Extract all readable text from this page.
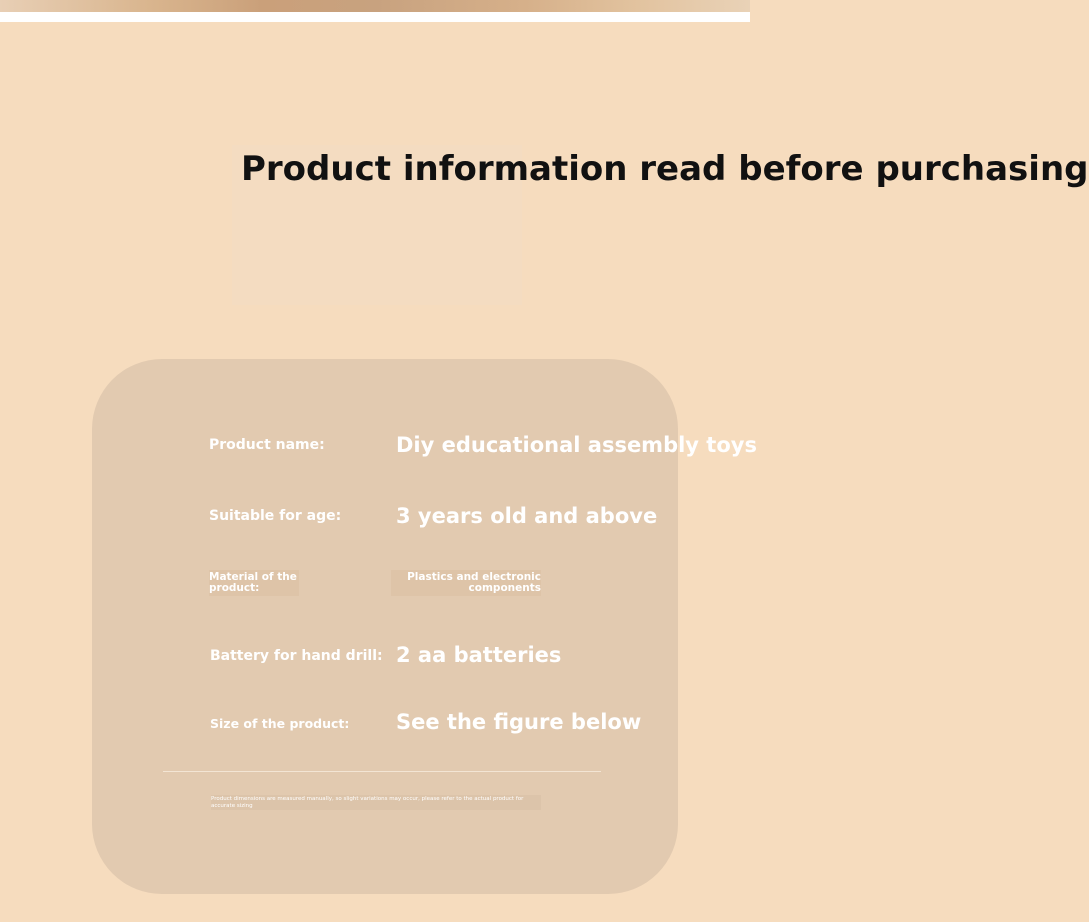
Product information read before purchasing
Product name:	Diy educational assembly toys
Suitable for age:	3 years old and above
Material of the product:
Plastics and electronic components
Battery for hand drill: 2 aa batteries
Size of the product: See the figure below
Product dimensions are measured manually, so slight variations may occur, please refer to the actual product for accurate sizing
